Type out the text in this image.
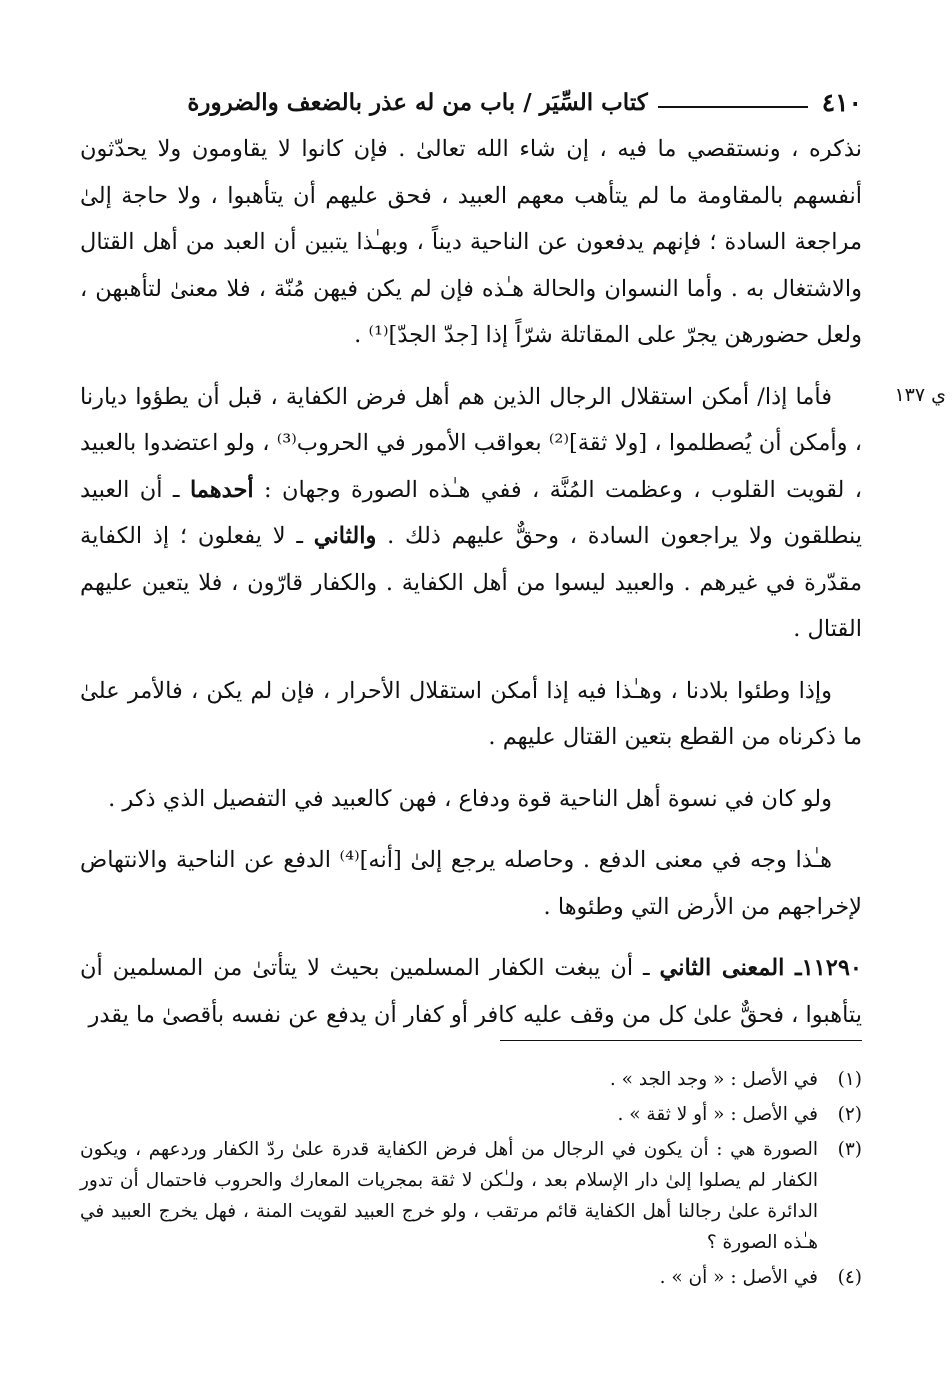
٤١٠
كتاب السِّيَر / باب من له عذر بالضعف والضرورة
ي ١٣٧

نذكره ، ونستقصي ما فيه ، إن شاء الله تعالىٰ . فإن كانوا لا يقاومون ولا يحدّثون أنفسهم بالمقاومة ما لم يتأهب معهم العبيد ، فحق عليهم أن يتأهبوا ، ولا حاجة إلىٰ مراجعة السادة ؛ فإنهم يدفعون عن الناحية ديناً ، وبهـٰذا يتبين أن العبد من أهل القتال والاشتغال به . وأما النسوان والحالة هـٰذه فإن لم يكن فيهن مُنّة ، فلا معنىٰ لتأهبهن ، ولعل حضورهن يجرّ على المقاتلة شرّاً إذا [جدّ الجدّ]⁽¹⁾ .

فأما إذا/ أمكن استقلال الرجال الذين هم أهل فرض الكفاية ، قبل أن يطؤوا ديارنا ، وأمكن أن يُصطلموا ، [ولا ثقة]⁽²⁾ بعواقب الأمور في الحروب⁽³⁾ ، ولو اعتضدوا بالعبيد ، لقويت القلوب ، وعظمت المُنَّة ، ففي هـٰذه الصورة وجهان : أحدهما ـ أن العبيد ينطلقون ولا يراجعون السادة ، وحقٌّ عليهم ذلك . والثاني ـ لا يفعلون ؛ إذ الكفاية مقدّرة في غيرهم . والعبيد ليسوا من أهل الكفاية . والكفار قارّون ، فلا يتعين عليهم القتال .

وإذا وطئوا بلادنا ، وهـٰذا فيه إذا أمكن استقلال الأحرار ، فإن لم يكن ، فالأمر علىٰ ما ذكرناه من القطع بتعين القتال عليهم .

ولو كان في نسوة أهل الناحية قوة ودفاع ، فهن كالعبيد في التفصيل الذي ذكر .

هـٰذا وجه في معنى الدفع . وحاصله يرجع إلىٰ [أنه]⁽⁴⁾ الدفع عن الناحية والانتهاض لإخراجهم من الأرض التي وطئوها .

١١٢٩٠ـ المعنى الثاني ـ أن يبغت الكفار المسلمين بحيث لا يتأتىٰ من المسلمين أن يتأهبوا ، فحقٌّ علىٰ كل من وقف عليه كافر أو كفار أن يدفع عن نفسه بأقصىٰ ما يقدر

(١)
في الأصل : « وجد الجد » .
(٢)
في الأصل : « أو لا ثقة » .
(٣)
الصورة هي : أن يكون في الرجال من أهل فرض الكفاية قدرة علىٰ ردّ الكفار وردعهم ، ويكون الكفار لم يصلوا إلىٰ دار الإسلام بعد ، ولـٰكن لا ثقة بمجريات المعارك والحروب فاحتمال أن تدور الدائرة علىٰ رجالنا أهل الكفاية قائم مرتقب ، ولو خرج العبيد لقويت المنة ، فهل يخرج العبيد في هـٰذه الصورة ؟
(٤)
في الأصل : « أن » .
